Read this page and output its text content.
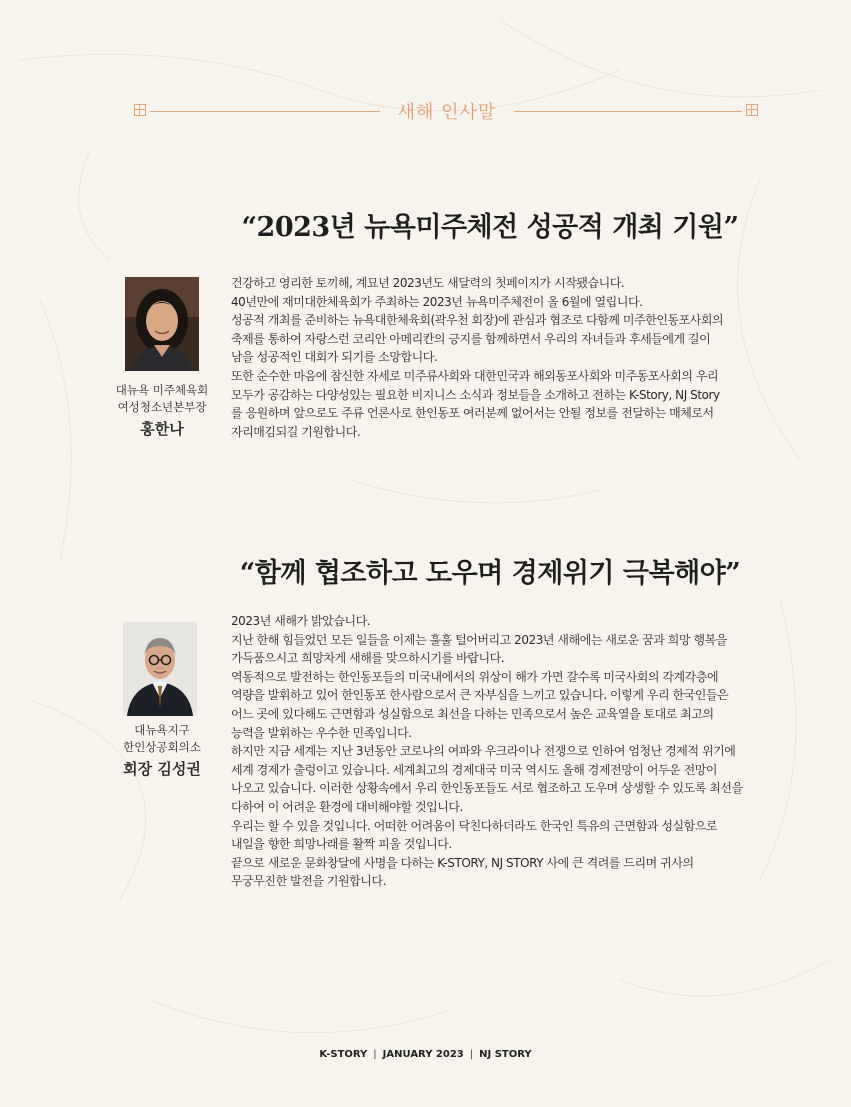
새해 인사말
“2023년 뉴욕미주체전 성공적 개최 기원”
대뉴욕 미주체육회
여성청소년본부장
홍한나
건강하고 영리한 토끼해, 계묘년 2023년도 새달력의 첫페이지가 시작됐습니다.
40년만에 재미대한체육회가 주최하는 2023년 뉴욕미주체전이 올 6월에 열립니다.
성공적 개최를 준비하는 뉴욕대한체육회(곽우천 회장)에 관심과 협조로 다함께 미주한인동포사회의
축제를 통하여 자랑스런 코리안 아메리칸의 긍지를 함께하면서 우리의 자녀들과 후세들에게 길이
남을 성공적인 대회가 되기를 소망합니다.
또한 순수한 마음에 참신한 자세로 미주류사회와 대한민국과 해외동포사회와 미주동포사회의 우리
모두가 공감하는 다양성있는 필요한 비지니스 소식과 정보들을 소개하고 전하는 K-Story, NJ Story
를 응원하며 앞으로도 주류 언론사로 한인동포 여러분께 없어서는 안될 정보를 전달하는 매체로서
자리매김되길 기원합니다.
“함께 협조하고 도우며 경제위기 극복해야”
대뉴욕지구
한인상공회의소
회장 김성권
2023년 새해가 밝았습니다.
지난 한해 힘들었던 모든 일들을 이제는 훌훌 털어버리고 2023년 새해에는 새로운 꿈과 희망 행복을
가득품으시고 희망차게 새해를 맞으하시기를 바랍니다.
역동적으로 발전하는 한인동포들의 미국내에서의 위상이 해가 가면 갈수록 미국사회의 각계각층에
역량을 발휘하고 있어 한인동포 한사람으로서 큰 자부심을 느끼고 있습니다. 이렇게 우리 한국인들은
어느 곳에 있다해도 근면함과 성실함으로 최선을 다하는 민족으로서 높은 교육열을 토대로 최고의
능력을 발휘하는 우수한 민족입니다.
하지만 지금 세계는 지난 3년동안 코로나의 여파와 우크라이나 전쟁으로 인하여 엄청난 경제적 위기에
세계 경제가 출렁이고 있습니다. 세계최고의 경제대국 미국 역시도 올해 경제전망이 어두운 전망이
나오고 있습니다. 이러한 상황속에서 우리 한인동포들도 서로 협조하고 도우며 상생할 수 있도록 최선을
다하여 이 어려운 환경에 대비해야할 것입니다.
우리는 할 수 있을 것입니다. 어떠한 어려움이 닥친다하더라도 한국인 특유의 근면함과 성실함으로
내일을 향한 희망나래를 활짝 피울 것입니다.
끝으로 새로운 문화창달에 사명을 다하는 K-STORY, NJ STORY 사에 큰 격려를 드리며 귀사의
무궁무진한 발전을 기원합니다.
K-STORY | JANUARY 2023 | NJ STORY
